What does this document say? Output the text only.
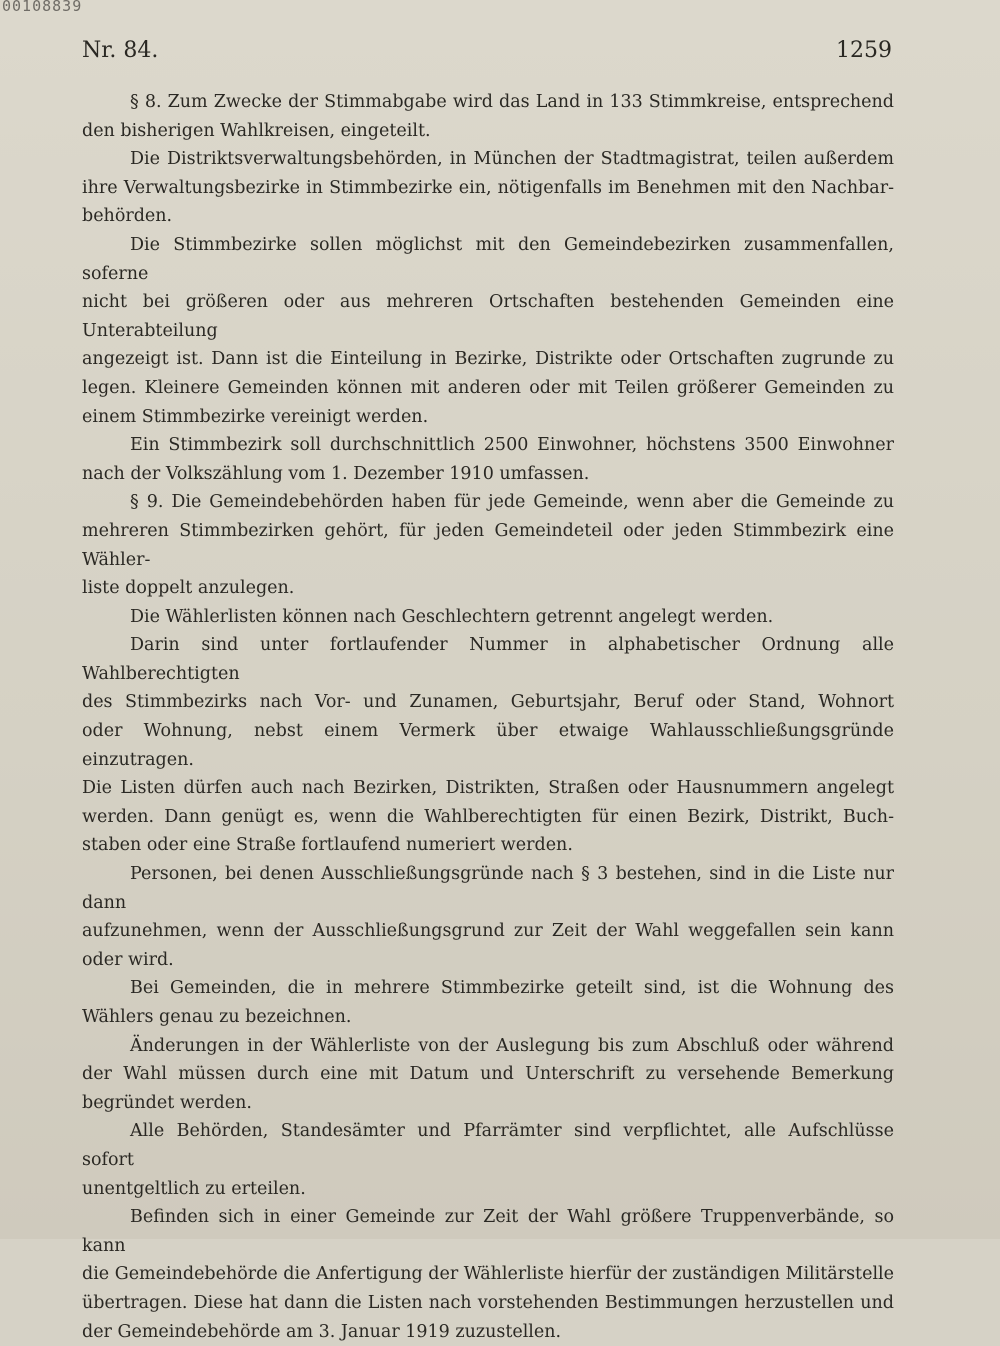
00108839
Nr. 84.	1259

§ 8. Zum Zwecke der Stimmabgabe wird das Land in 133 Stimmkreise, entsprechend

den bisherigen Wahlkreisen, eingeteilt.

Die Distriktsverwaltungsbehörden, in München der Stadtmagistrat, teilen außerdem

ihre Verwaltungsbezirke in Stimmbezirke ein, nötigenfalls im Benehmen mit den Nachbar-

behörden.

Die Stimmbezirke sollen möglichst mit den Gemeindebezirken zusammenfallen, soferne

nicht bei größeren oder aus mehreren Ortschaften bestehenden Gemeinden eine Unterabteilung

angezeigt ist. Dann ist die Einteilung in Bezirke, Distrikte oder Ortschaften zugrunde zu

legen. Kleinere Gemeinden können mit anderen oder mit Teilen größerer Gemeinden zu

einem Stimmbezirke vereinigt werden.

Ein Stimmbezirk soll durchschnittlich 2500 Einwohner, höchstens 3500 Einwohner

nach der Volkszählung vom 1. Dezember 1910 umfassen.

§ 9. Die Gemeindebehörden haben für jede Gemeinde, wenn aber die Gemeinde zu

mehreren Stimmbezirken gehört, für jeden Gemeindeteil oder jeden Stimmbezirk eine Wähler-

liste doppelt anzulegen.

Die Wählerlisten können nach Geschlechtern getrennt angelegt werden.

Darin sind unter fortlaufender Nummer in alphabetischer Ordnung alle Wahlberechtigten

des Stimmbezirks nach Vor- und Zunamen, Geburtsjahr, Beruf oder Stand, Wohnort

oder Wohnung, nebst einem Vermerk über etwaige Wahlausschließungsgründe einzutragen.

Die Listen dürfen auch nach Bezirken, Distrikten, Straßen oder Hausnummern angelegt

werden. Dann genügt es, wenn die Wahlberechtigten für einen Bezirk, Distrikt, Buch-

staben oder eine Straße fortlaufend numeriert werden.

Personen, bei denen Ausschließungsgründe nach § 3 bestehen, sind in die Liste nur dann

aufzunehmen, wenn der Ausschließungsgrund zur Zeit der Wahl weggefallen sein kann

oder wird.

Bei Gemeinden, die in mehrere Stimmbezirke geteilt sind, ist die Wohnung des

Wählers genau zu bezeichnen.

Änderungen in der Wählerliste von der Auslegung bis zum Abschluß oder während

der Wahl müssen durch eine mit Datum und Unterschrift zu versehende Bemerkung

begründet werden.

Alle Behörden, Standesämter und Pfarrämter sind verpflichtet, alle Aufschlüsse sofort

unentgeltlich zu erteilen.

Befinden sich in einer Gemeinde zur Zeit der Wahl größere Truppenverbände, so kann

die Gemeindebehörde die Anfertigung der Wählerliste hierfür der zuständigen Militärstelle

übertragen. Diese hat dann die Listen nach vorstehenden Bestimmungen herzustellen und

der Gemeindebehörde am 3. Januar 1919 zuzustellen.
